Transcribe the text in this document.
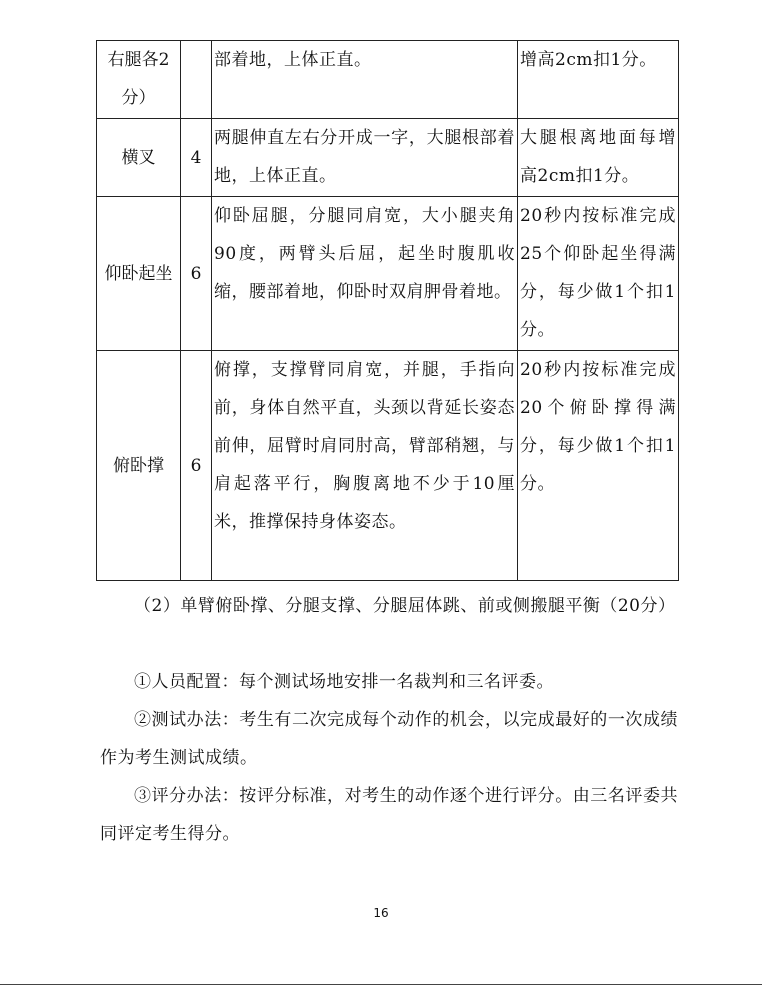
右腿各2分）		部着地，上体正直。	增高2cm扣1分。
横叉	4	两腿伸直左右分开成一字，大腿根部着地，上体正直。	大腿根离地面每增高2cm扣1分。
仰卧起坐	6	仰卧屈腿，分腿同肩宽，大小腿夹角90度，两臂头后屈，起坐时腹肌收缩，腰部着地，仰卧时双肩胛骨着地。	20秒内按标准完成25个仰卧起坐得满分，每少做1个扣1分。
俯卧撑	6	俯撑，支撑臂同肩宽，并腿，手指向前，身体自然平直，头颈以背延长姿态前伸，屈臂时肩同肘高，臂部稍翘，与肩起落平行，胸腹离地不少于10厘米，推撑保持身体姿态。	20秒内按标准完成20个俯卧撑得满分，每少做1个扣1分。
（2）单臂俯卧撑、分腿支撑、分腿屈体跳、前或侧搬腿平衡（20分）
①人员配置：每个测试场地安排一名裁判和三名评委。
②测试办法：考生有二次完成每个动作的机会，以完成最好的一次成绩作为考生测试成绩。
③评分办法：按评分标准，对考生的动作逐个进行评分。由三名评委共同评定考生得分。
16
